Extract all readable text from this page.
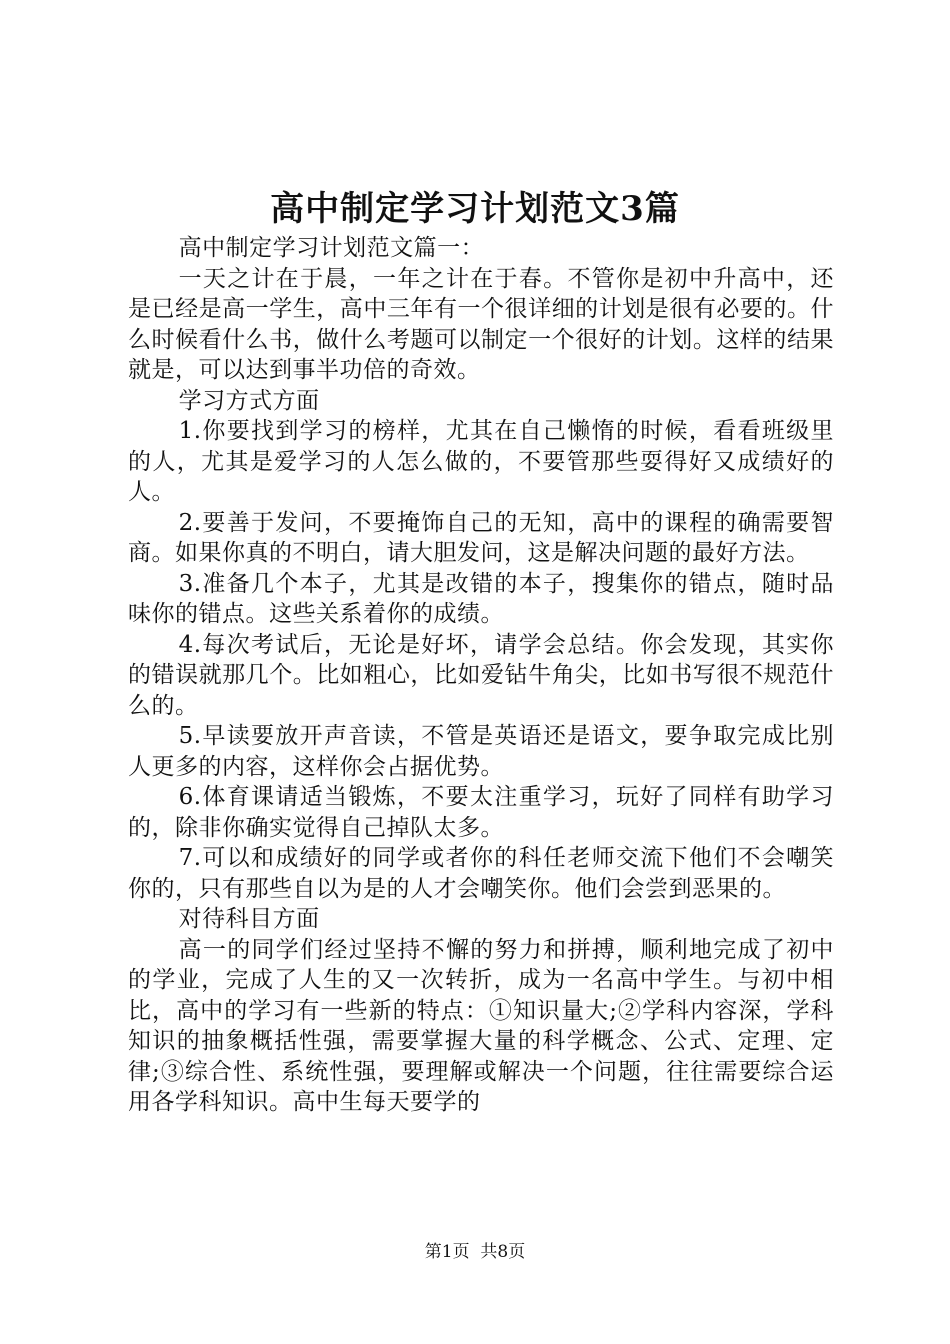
高中制定学习计划范文3篇

高中制定学习计划范文篇一：

一天之计在于晨，一年之计在于春。不管你是初中升高中，还是已经是高一学生，高中三年有一个很详细的计划是很有必要的。什么时候看什么书，做什么考题可以制定一个很好的计划。这样的结果就是，可以达到事半功倍的奇效。

学习方式方面

1.你要找到学习的榜样，尤其在自己懒惰的时候，看看班级里的人，尤其是爱学习的人怎么做的，不要管那些耍得好又成绩好的人。

2.要善于发问，不要掩饰自己的无知，高中的课程的确需要智商。如果你真的不明白，请大胆发问，这是解决问题的最好方法。

3.准备几个本子，尤其是改错的本子，搜集你的错点，随时品味你的错点。这些关系着你的成绩。

4.每次考试后，无论是好坏，请学会总结。你会发现，其实你的错误就那几个。比如粗心，比如爱钻牛角尖，比如书写很不规范什么的。

5.早读要放开声音读，不管是英语还是语文，要争取完成比别人更多的内容，这样你会占据优势。

6.体育课请适当锻炼，不要太注重学习，玩好了同样有助学习的，除非你确实觉得自己掉队太多。

7.可以和成绩好的同学或者你的科任老师交流下他们不会嘲笑你的，只有那些自以为是的人才会嘲笑你。他们会尝到恶果的。

对待科目方面

高一的同学们经过坚持不懈的努力和拼搏，顺利地完成了初中的学业，完成了人生的又一次转折，成为一名高中学生。与初中相比，高中的学习有一些新的特点：①知识量大;②学科内容深，学科知识的抽象概括性强，需要掌握大量的科学概念、公式、定理、定律;③综合性、系统性强，要理解或解决一个问题，往往需要综合运用各学科知识。高中生每天要学的

第1页  共8页
